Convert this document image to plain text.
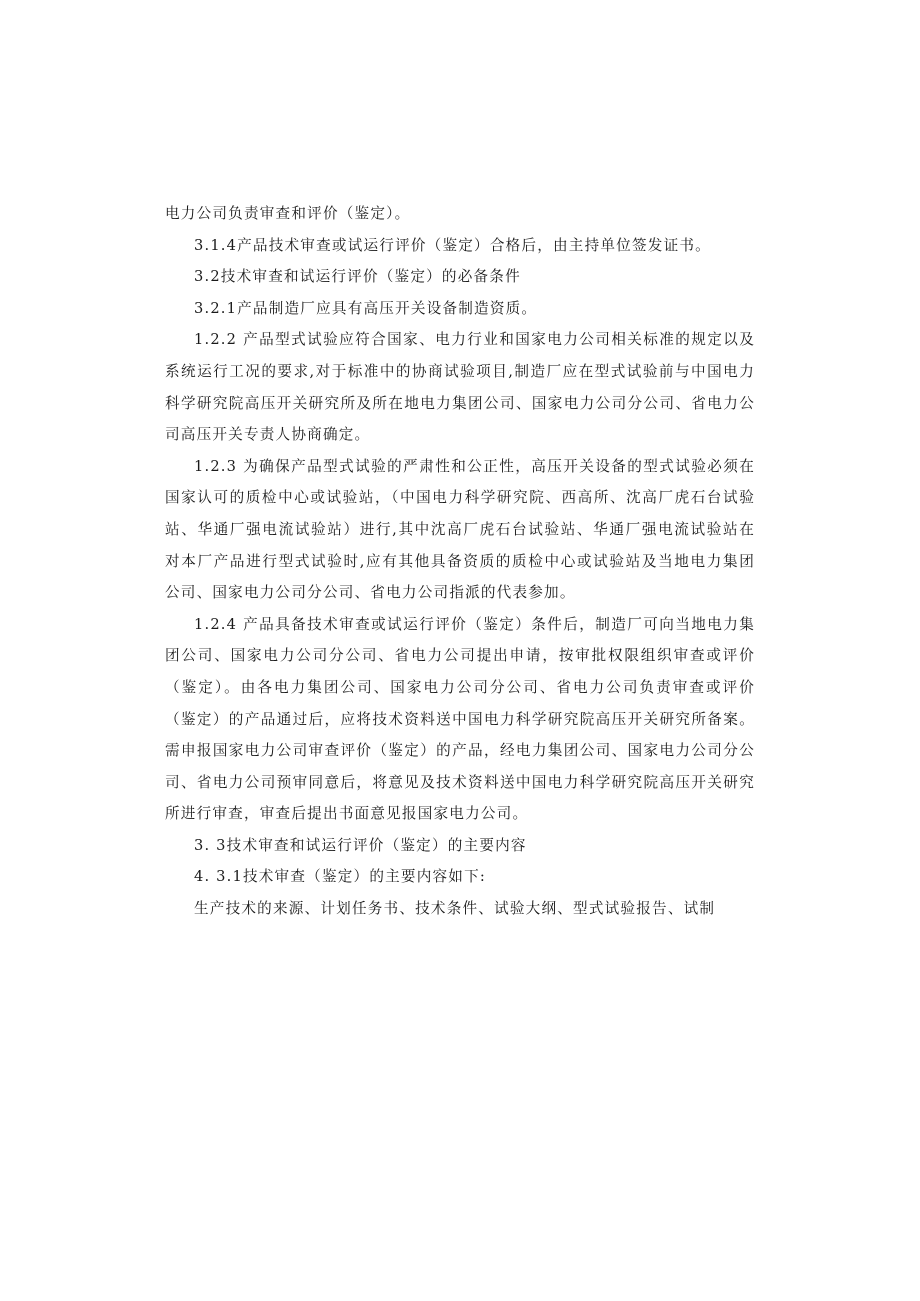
电力公司负责审查和评价（鉴定）。

3.1.4产品技术审查或试运行评价（鉴定）合格后，由主持单位签发证书。

3.2技术审查和试运行评价（鉴定）的必备条件

3.2.1产品制造厂应具有高压开关设备制造资质。

1.2.2 产品型式试验应符合国家、电力行业和国家电力公司相关标准的规定以及系统运行工况的要求,对于标准中的协商试验项目,制造厂应在型式试验前与中国电力科学研究院高压开关研究所及所在地电力集团公司、国家电力公司分公司、省电力公司高压开关专责人协商确定。

1.2.3 为确保产品型式试验的严肃性和公正性，高压开关设备的型式试验必须在国家认可的质检中心或试验站，（中国电力科学研究院、西高所、沈高厂虎石台试验站、华通厂强电流试验站）进行,其中沈高厂虎石台试验站、华通厂强电流试验站在对本厂产品进行型式试验时,应有其他具备资质的质检中心或试验站及当地电力集团公司、国家电力公司分公司、省电力公司指派的代表参加。

1.2.4 产品具备技术审查或试运行评价（鉴定）条件后，制造厂可向当地电力集团公司、国家电力公司分公司、省电力公司提出申请，按审批权限组织审查或评价（鉴定）。由各电力集团公司、国家电力公司分公司、省电力公司负责审查或评价（鉴定）的产品通过后，应将技术资料送中国电力科学研究院高压开关研究所备案。需申报国家电力公司审查评价（鉴定）的产品，经电力集团公司、国家电力公司分公司、省电力公司预审同意后，将意见及技术资料送中国电力科学研究院高压开关研究所进行审查，审查后提出书面意见报国家电力公司。

3. 3技术审查和试运行评价（鉴定）的主要内容

4. 3.1技术审查（鉴定）的主要内容如下:

生产技术的来源、计划任务书、技术条件、试验大纲、型式试验报告、试制
